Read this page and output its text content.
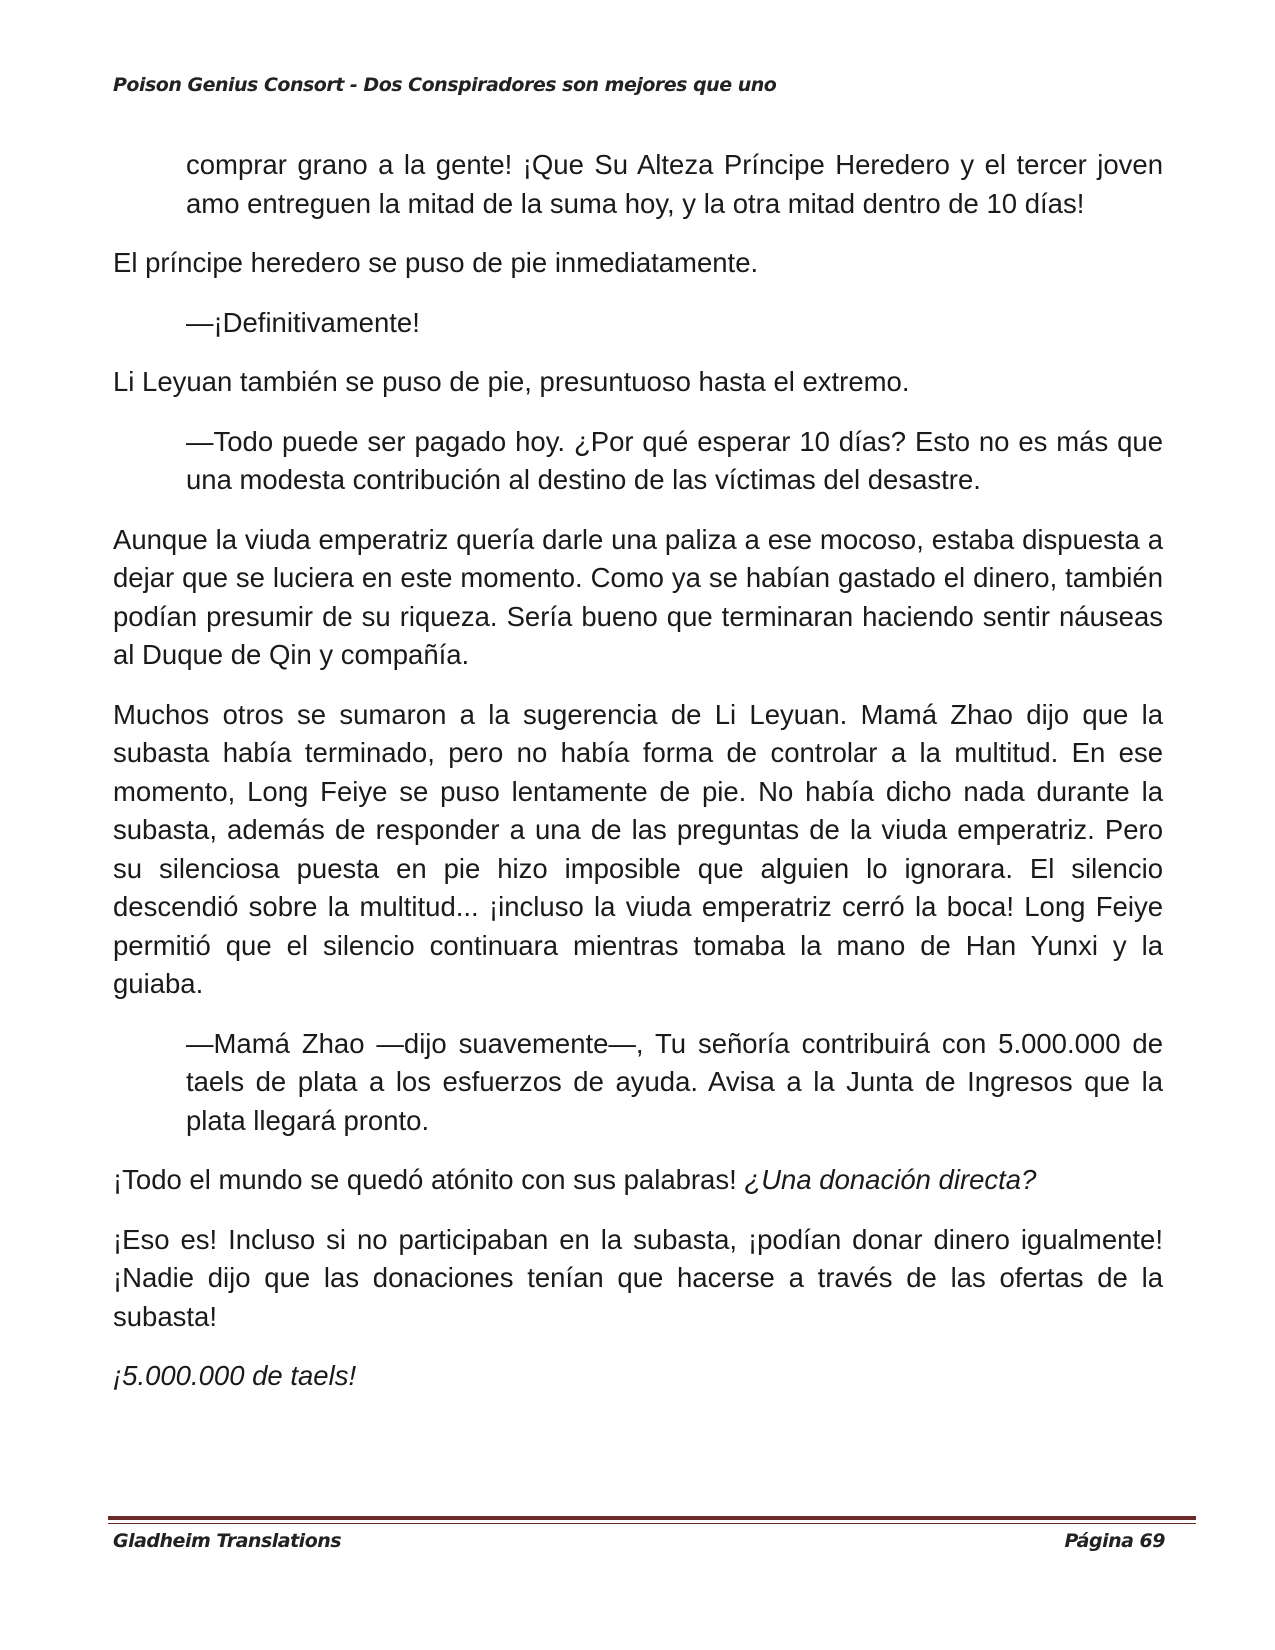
Poison Genius Consort - Dos Conspiradores son mejores que uno

comprar grano a la gente! ¡Que Su Alteza Príncipe Heredero y el tercer joven amo entreguen la mitad de la suma hoy, y la otra mitad dentro de 10 días!

El príncipe heredero se puso de pie inmediatamente.

—¡Definitivamente!

Li Leyuan también se puso de pie, presuntuoso hasta el extremo.

—Todo puede ser pagado hoy. ¿Por qué esperar 10 días? Esto no es más que una modesta contribución al destino de las víctimas del desastre.

Aunque la viuda emperatriz quería darle una paliza a ese mocoso, estaba dispuesta a dejar que se luciera en este momento. Como ya se habían gastado el dinero, también podían presumir de su riqueza. Sería bueno que terminaran haciendo sentir náuseas al Duque de Qin y compañía.

Muchos otros se sumaron a la sugerencia de Li Leyuan. Mamá Zhao dijo que la subasta había terminado, pero no había forma de controlar a la multitud. En ese momento, Long Feiye se puso lentamente de pie. No había dicho nada durante la subasta, además de responder a una de las preguntas de la viuda emperatriz. Pero su silenciosa puesta en pie hizo imposible que alguien lo ignorara. El silencio descendió sobre la multitud... ¡incluso la viuda emperatriz cerró la boca! Long Feiye permitió que el silencio continuara mientras tomaba la mano de Han Yunxi y la guiaba.

—Mamá Zhao —dijo suavemente—, Tu señoría contribuirá con 5.000.000 de taels de plata a los esfuerzos de ayuda. Avisa a la Junta de Ingresos que la plata llegará pronto.

¡Todo el mundo se quedó atónito con sus palabras! ¿Una donación directa?

¡Eso es! Incluso si no participaban en la subasta, ¡podían donar dinero igualmente! ¡Nadie dijo que las donaciones tenían que hacerse a través de las ofertas de la subasta!

¡5.000.000 de taels!

Gladheim Translations	Página 69
